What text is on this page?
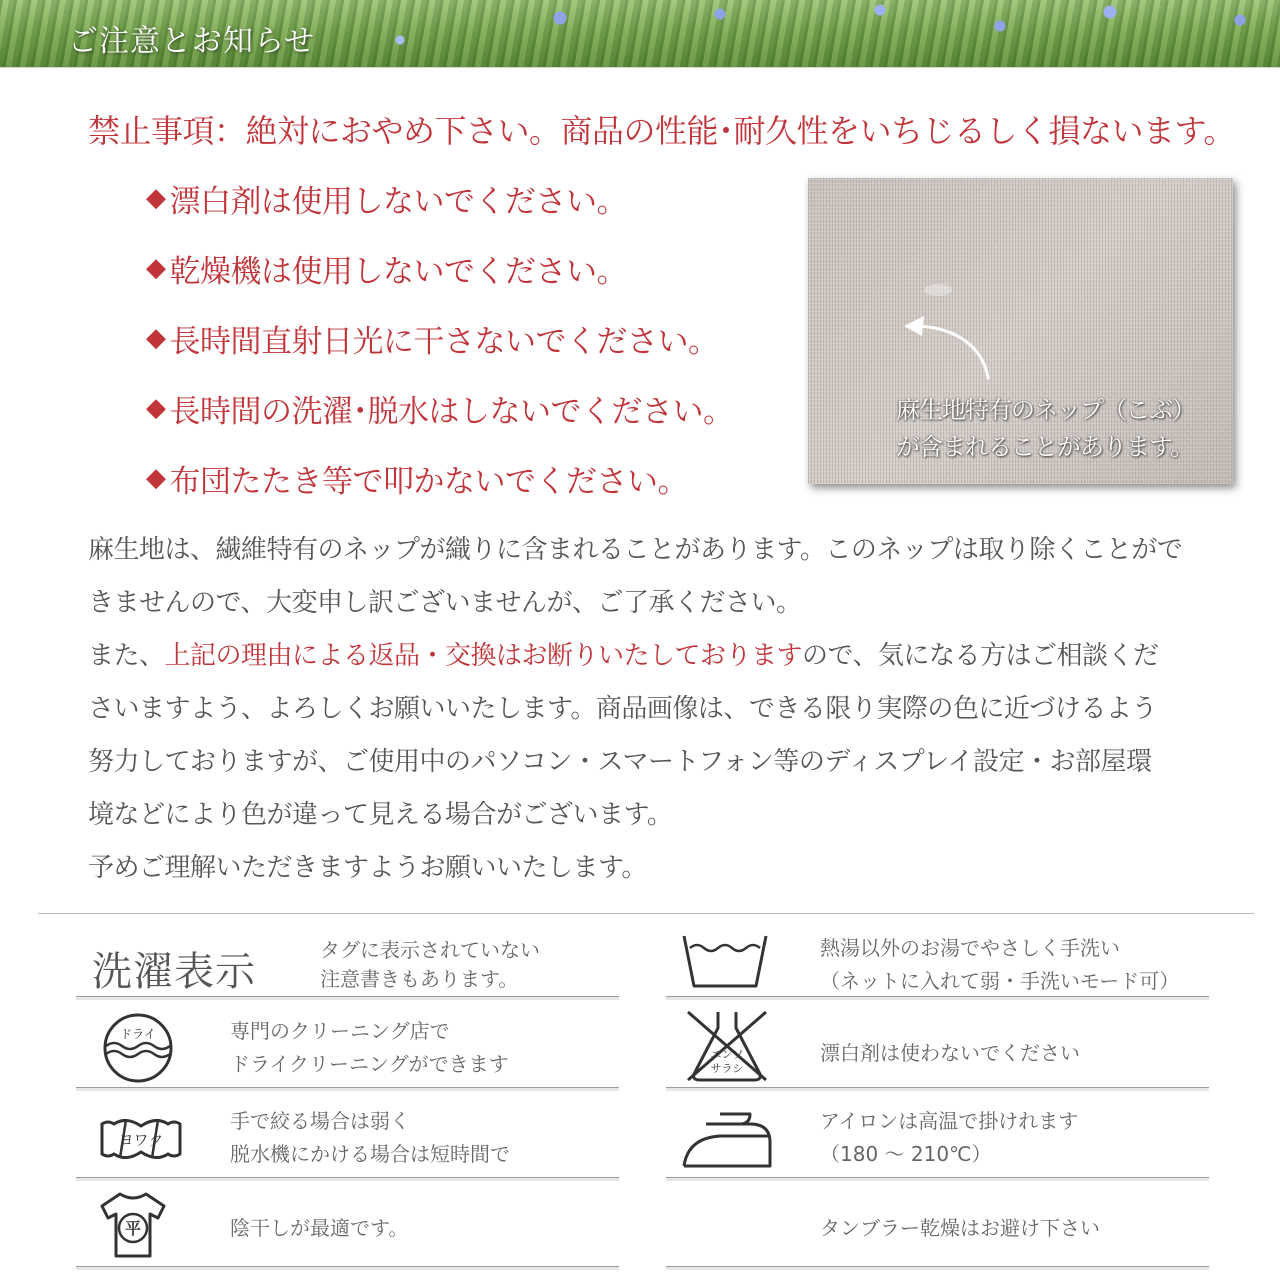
ご注意とお知らせ
禁止事項：絶対におやめ下さい。商品の性能･耐久性をいちじるしく損ないます。
◆ 漂白剤は使用しないでください。
◆ 乾燥機は使用しないでください。
◆ 長時間直射日光に干さないでください。
◆ 長時間の洗濯･脱水はしないでください。
◆ 布団たたき等で叩かないでください。
麻生地特有のネップ（こぶ）
が含まれることがあります。

麻生地は、繊維特有のネップが織りに含まれることがあります。このネップは取り除くことがで

きませんので、大変申し訳ございませんが、ご了承ください。

また、上記の理由による返品・交換はお断りいたしておりますので、気になる方はご相談くだ

さいますよう、よろしくお願いいたします。商品画像は、できる限り実際の色に近づけるよう

努力しておりますが、ご使用中のパソコン・スマートフォン等のディスプレイ設定・お部屋環

境などにより色が違って見える場合がございます。

予めご理解いただきますようお願いいたします。

洗濯表示	タグに表示されていない
注意書きもあります。
ドライ	専門のクリーニング店で
ドライクリーニングができます
ヨワク
手で絞る場合は弱く
脱水機にかける場合は短時間で
平	陰干しが最適です。
熱湯以外のお湯でやさしく手洗い
（ネットに入れて弱・手洗いモード可）
エンソ
サラシ
漂白剤は使わないでください
アイロンは高温で掛けれます
（180 ～ 210℃）
タンブラー乾燥はお避け下さい
